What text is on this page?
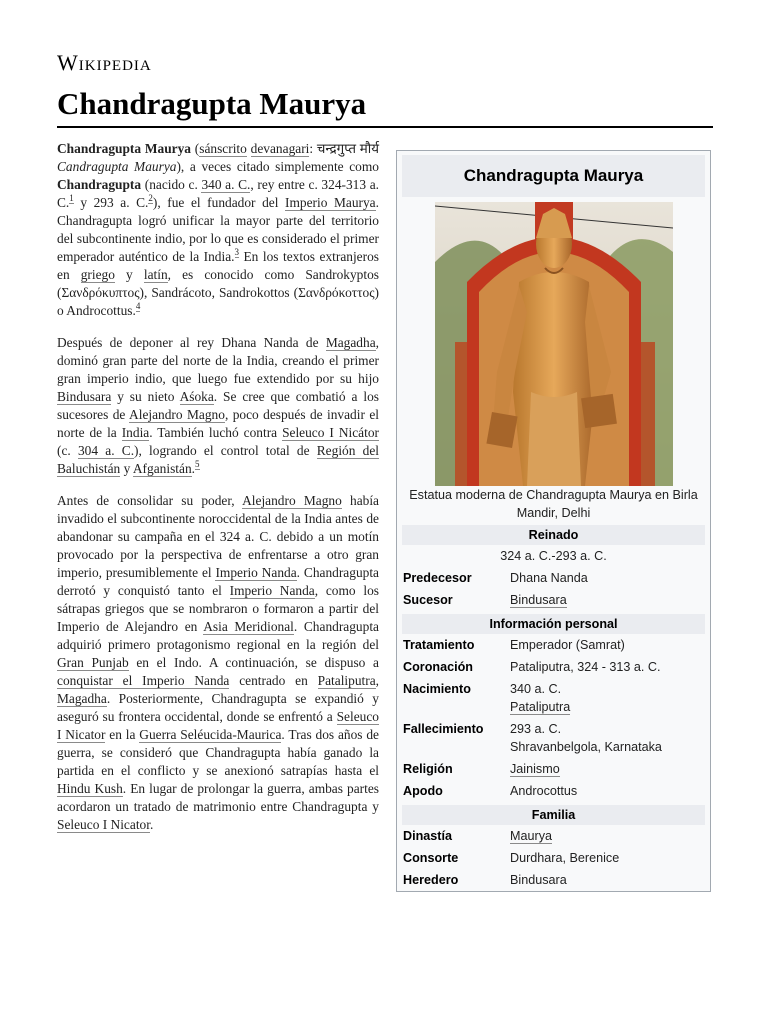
Wikipedia
Chandragupta Maurya

Chandragupta Maurya (sánscrito devanagari: चन्द्रगुप्त मौर्य Candragupta Maurya), a veces citado simplemente como Chandragupta (nacido c. 340 a. C., rey entre c. 324-313 a. C.$^1$ y 293 a. C.$^2$), fue el fundador del Imperio Maurya. Chandragupta logró unificar la mayor parte del territorio del subcontinente indio, por lo que es considerado el primer emperador auténtico de la India.$^3$ En los textos extranjeros en griego y latín, es conocido como Sandrokyptos (Σανδρόκυπτος), Sandrácoto, Sandrokottos (Σανδρόκοττος) o Androcottus.$^4$

Después de deponer al rey Dhana Nanda de Magadha, dominó gran parte del norte de la India, creando el primer gran imperio indio, que luego fue extendido por su hijo Bindusara y su nieto Aśoka. Se cree que combatió a los sucesores de Alejandro Magno, poco después de invadir el norte de la India. También luchó contra Seleuco I Nicátor (c. 304 a. C.), logrando el control total de Región del Baluchistán y Afganistán.$^5$

Antes de consolidar su poder, Alejandro Magno había invadido el subcontinente noroccidental de la India antes de abandonar su campaña en el 324 a. C. debido a un motín provocado por la perspectiva de enfrentarse a otro gran imperio, presumiblemente el Imperio Nanda. Chandragupta derrotó y conquistó tanto el Imperio Nanda, como los sátrapas griegos que se nombraron o formaron a partir del Imperio de Alejandro en Asia Meridional. Chandragupta adquirió primero protagonismo regional en la región del Gran Punjab en el Indo. A continuación, se dispuso a conquistar el Imperio Nanda centrado en Pataliputra, Magadha. Posteriormente, Chandragupta se expandió y aseguró su frontera occidental, donde se enfrentó a Seleuco I Nicator en la Guerra Seléucida-Maurica. Tras dos años de guerra, se consideró que Chandragupta había ganado la partida en el conflicto y se anexionó satrapías hasta el Hindu Kush. En lugar de prolongar la guerra, ambas partes acordaron un tratado de matrimonio entre Chandragupta y Seleuco I Nicator.

Chandragupta Maurya
Estatua moderna de Chandragupta Maurya en Birla Mandir, Delhi
Reinado
324 a. C.-293 a. C.
Predecesor	Dhana Nanda
Sucesor	Bindusara
Información personal
Tratamiento	Emperador (Samrat)
Coronación	Pataliputra, 324 - 313 a. C.
Nacimiento	340 a. C.
Pataliputra
Fallecimiento	293 a. C.
Shravanbelgola, Karnataka
Religión	Jainismo
Apodo	Androcottus
Familia
Dinastía	Maurya
Consorte	Durdhara, Berenice
Heredero	Bindusara
